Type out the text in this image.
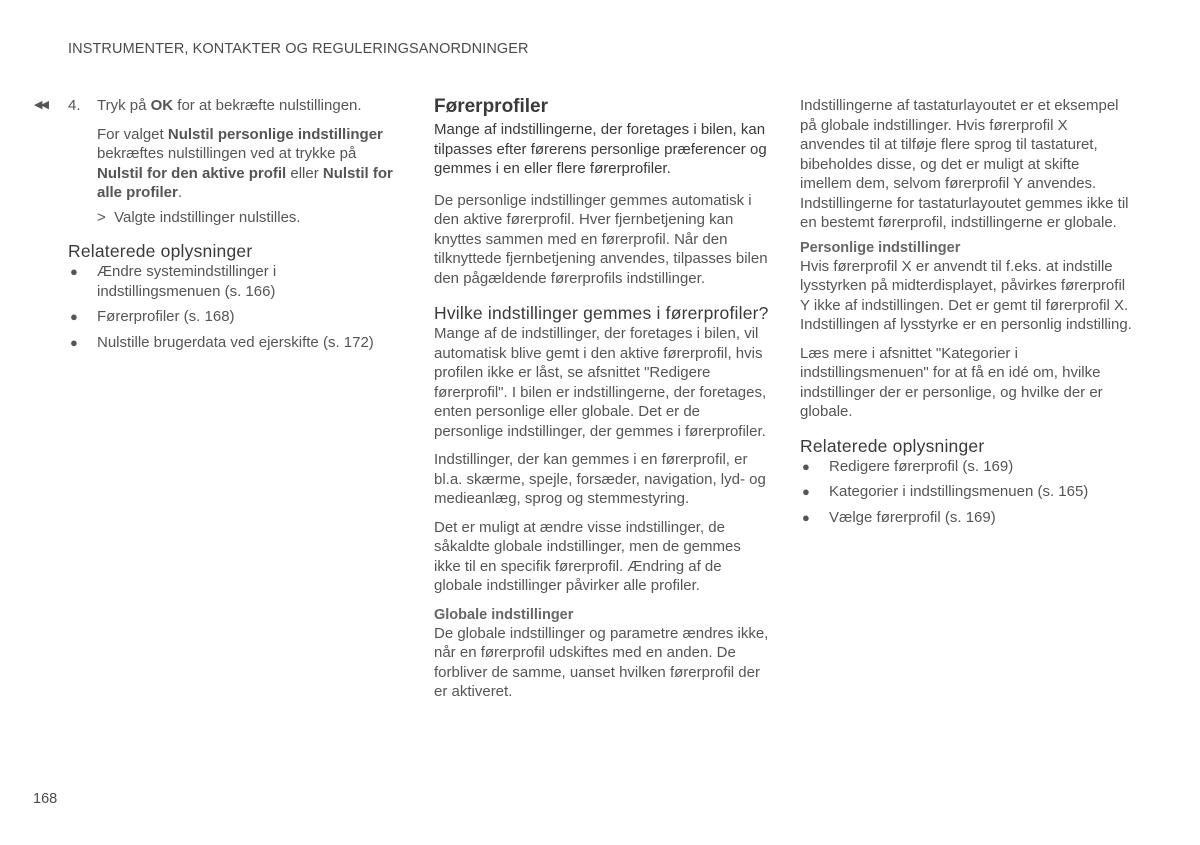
INSTRUMENTER, KONTAKTER OG REGULERINGSANORDNINGER
◀◀ 4. Tryk på OK for at bekræfte nulstillingen.

For valget Nulstil personlige indstillinger bekræftes nulstillingen ved at trykke på Nulstil for den aktive profil eller Nulstil for alle profiler.

> Valgte indstillinger nulstilles.

Relaterede oplysninger
● Ændre systemindstillinger i indstillingsmenuen (s. 166)
● Førerprofiler (s. 168)
● Nulstille brugerdata ved ejerskifte (s. 172)
Førerprofiler

Mange af indstillingerne, der foretages i bilen, kan tilpasses efter førerens personlige præferencer og gemmes i en eller flere førerprofiler.

De personlige indstillinger gemmes automatisk i den aktive førerprofil. Hver fjernbetjening kan knyttes sammen med en førerprofil. Når den tilknyttede fjernbetjening anvendes, tilpasses bilen den pågældende førerprofils indstillinger.

Hvilke indstillinger gemmes i førerprofiler?

Mange af de indstillinger, der foretages i bilen, vil automatisk blive gemt i den aktive førerprofil, hvis profilen ikke er låst, se afsnittet "Redigere førerprofil". I bilen er indstillingerne, der foretages, enten personlige eller globale. Det er de personlige indstillinger, der gemmes i førerprofiler.

Indstillinger, der kan gemmes i en førerprofil, er bl.a. skærme, spejle, forsæder, navigation, lyd- og medieanlæg, sprog og stemmestyring.

Det er muligt at ændre visse indstillinger, de såkaldte globale indstillinger, men de gemmes ikke til en specifik førerprofil. Ændring af de globale indstillinger påvirker alle profiler.

Globale indstillinger

De globale indstillinger og parametre ændres ikke, når en førerprofil udskiftes med en anden. De forbliver de samme, uanset hvilken førerprofil der er aktiveret.

Indstillingerne af tastaturlayoutet er et eksempel på globale indstillinger. Hvis førerprofil X anvendes til at tilføje flere sprog til tastaturet, bibeholdes disse, og det er muligt at skifte imellem dem, selvom førerprofil Y anvendes. Indstillingerne for tastaturlayoutet gemmes ikke til en bestemt førerprofil, indstillingerne er globale.

Personlige indstillinger

Hvis førerprofil X er anvendt til f.eks. at indstille lysstyrken på midterdisplayet, påvirkes førerprofil Y ikke af indstillingen. Det er gemt til førerprofil X. Indstillingen af lysstyrke er en personlig indstilling.

Læs mere i afsnittet "Kategorier i indstillingsmenuen" for at få en idé om, hvilke indstillinger der er personlige, og hvilke der er globale.

Relaterede oplysninger
● Redigere førerprofil (s. 169)
● Kategorier i indstillingsmenuen (s. 165)
● Vælge førerprofil (s. 169)
168
